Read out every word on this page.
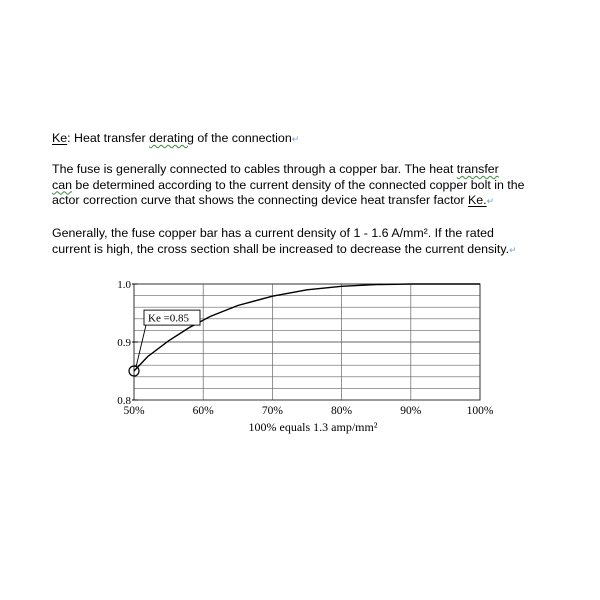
Ke: Heat transfer derating of the connection↵
The fuse is generally connected to cables through a copper bar. The heat transfer
can be determined according to the current density of the connected copper bolt in the
actor correction curve that shows the connecting device heat transfer factor Ke.↵
Generally, the fuse copper bar has a current density of 1 - 1.6 A/mm². If the rated
current is high, the cross section shall be increased to decrease the current density.↵
1.0
0.9
0.8
50%	60%	70%	80%	90%	100%
Ke =0.85
100% equals 1.3 amp/mm²
